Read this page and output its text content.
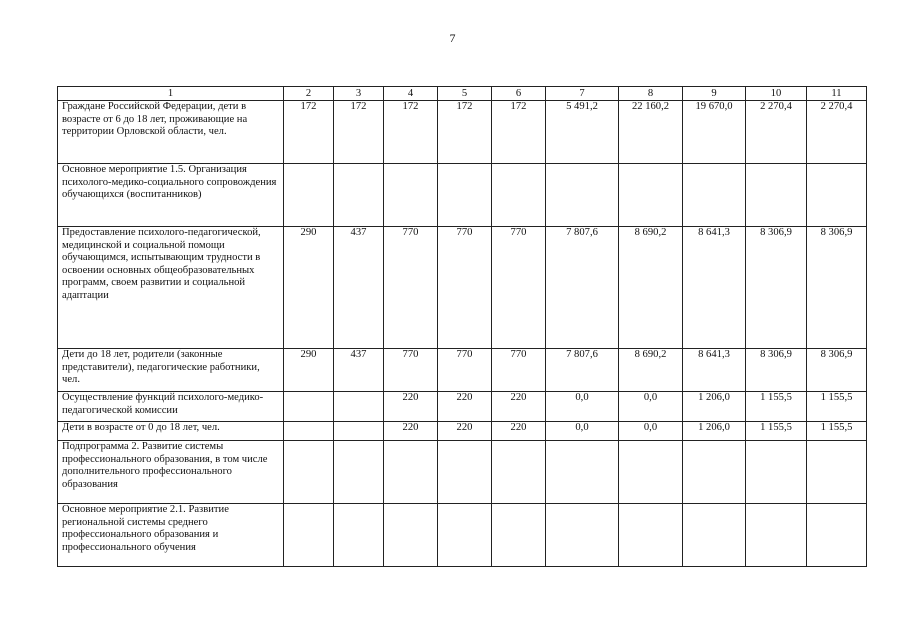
7
1	2	3	4	5	6	7	8	9	10	11
Граждане Российской Федерации, дети в возрасте от 6 до 18 лет, проживающие на территории Орловской области, чел.	172	172	172	172	172	5 491,2	22 160,2	19 670,0	2 270,4	2 270,4
Основное мероприятие 1.5. Организация психолого-медико-социального сопровождения обучающихся (воспитанников)										
Предоставление психолого-педагогической, медицинской и социальной помощи обучающимся, испытывающим трудности в освоении основных общеобразовательных программ, своем развитии и социальной адаптации	290	437	770	770	770	7 807,6	8 690,2	8 641,3	8 306,9	8 306,9
Дети до 18 лет, родители (законные представители), педагогические работники, чел.	290	437	770	770	770	7 807,6	8 690,2	8 641,3	8 306,9	8 306,9
Осуществление функций психолого-медико-педагогической комиссии			220	220	220	0,0	0,0	1 206,0	1 155,5	1 155,5
Дети в возрасте от 0 до 18 лет, чел.			220	220	220	0,0	0,0	1 206,0	1 155,5	1 155,5
Подпрограмма 2. Развитие системы профессионального образования, в том числе дополнительного профессионального образования										
Основное мероприятие 2.1. Развитие региональной системы среднего профессионального образования и профессионального обучения										
